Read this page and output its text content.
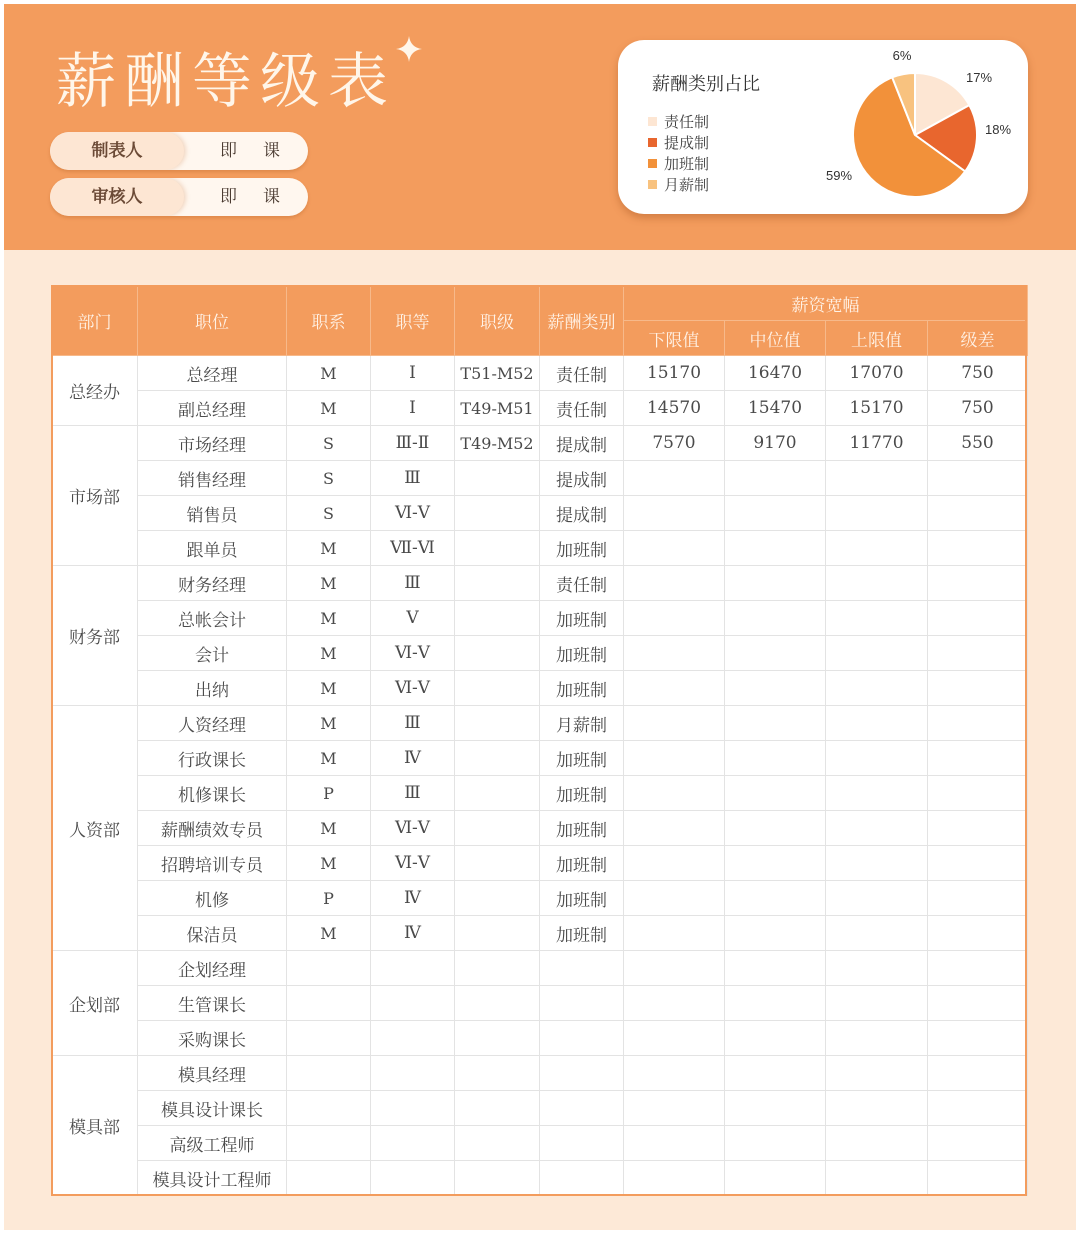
薪酬等级表
制表人	即课
审核人	即课
薪酬类别占比
责任制
提成制
加班制
月薪制
17%
18%
59%
6%
部门	职位	职系	职等	职级	薪酬类别	薪资宽幅			
						下限值	中位值	上限值	级差
总经办	总经理	M	Ⅰ	T51-M52	责任制	15170	16470	17070	750
	副总经理	M	Ⅰ	T49-M51	责任制	14570	15470	15170	750
市场部	市场经理	S	Ⅲ-Ⅱ	T49-M52	提成制	7570	9170	11770	550
	销售经理	S	Ⅲ		提成制				
	销售员	S	Ⅵ-Ⅴ		提成制				
	跟单员	M	Ⅶ-Ⅵ		加班制				
财务部	财务经理	M	Ⅲ		责任制				
	总帐会计	M	Ⅴ		加班制				
	会计	M	Ⅵ-Ⅴ		加班制				
	出纳	M	Ⅵ-Ⅴ		加班制				
人资部	人资经理	M	Ⅲ		月薪制				
	行政课长	M	Ⅳ		加班制				
	机修课长	P	Ⅲ		加班制				
	薪酬绩效专员	M	Ⅵ-Ⅴ		加班制				
	招聘培训专员	M	Ⅵ-Ⅴ		加班制				
	机修	P	Ⅳ		加班制				
	保洁员	M	Ⅳ		加班制				
企划部	企划经理								
	生管课长								
	采购课长								
模具部	模具经理								
	模具设计课长								
	高级工程师								
	模具设计工程师								
